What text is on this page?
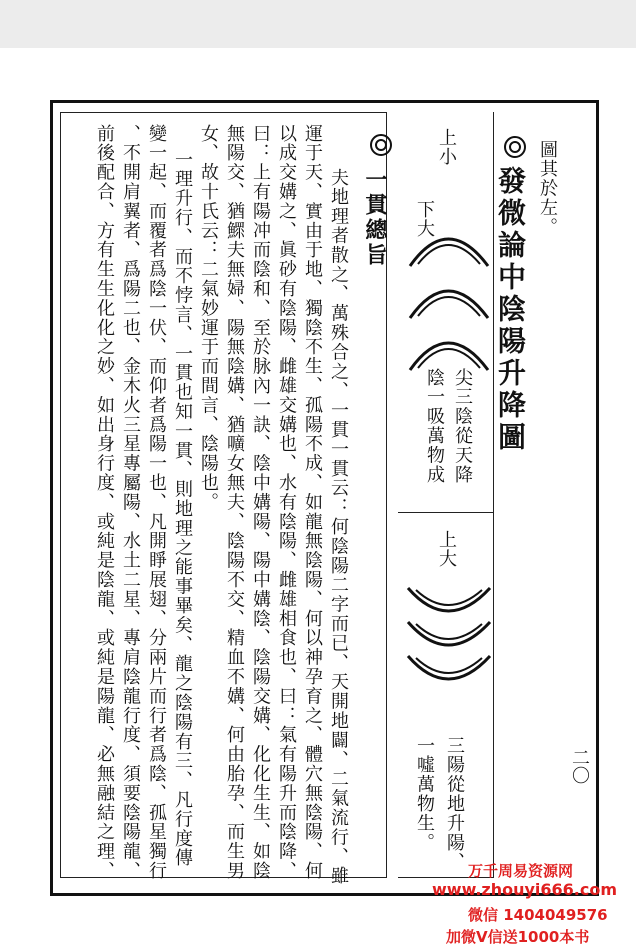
圖其於左。
發微論中陰陽升降圖
上小
下大
尖三陰從天降
陰一吸萬物成
上大
三陽從地升陽、
一噓萬物生。	二〇
一貫總旨
夫地理者散之、萬殊合之、一貫一貫云：何陰陽二字而已、天開地闢、二氣流行、雖
運于天、實由于地、獨陰不生、孤陽不成、如龍無陰陽、何以神孕育之、體穴無陰陽、何
以成交媾之、眞砂有陰陽、雌雄交媾也、水有陰陽、雌雄相食也、曰：氣有陽升而陰降、
曰：上有陽冲而陰和、至於脉內一訣、陰中媾陽、陽中媾陰、陰陽交媾、化化生生、如陰
無陽交、猶鰥夫無婦、陽無陰媾、猶嚝女無夫、陰陽不交、精血不媾、何由胎孕、而生男
女、故十氏云：二氣妙運于而間言、陰陽也。
一理升行、而不悖言、一貫也知一貫、則地理之能事畢矣、龍之陰陽有三、凡行度傳
變一起、而覆者爲陰一伏、而仰者爲陽一也、凡開睜展翅、分兩片而行者爲陰、孤星獨行
、不開肩翼者、爲陽二也、金木火三星專屬陽、水土二星、專肩陰龍行度、須要陰陽龍、
前後配合、方有生生化化之妙、如出身行度、或純是陰龍、或純是陽龍、必無融結之理、	万千周易资源网
www.zhouyi666.com
微信 1404049576
加微V信送1000本书
